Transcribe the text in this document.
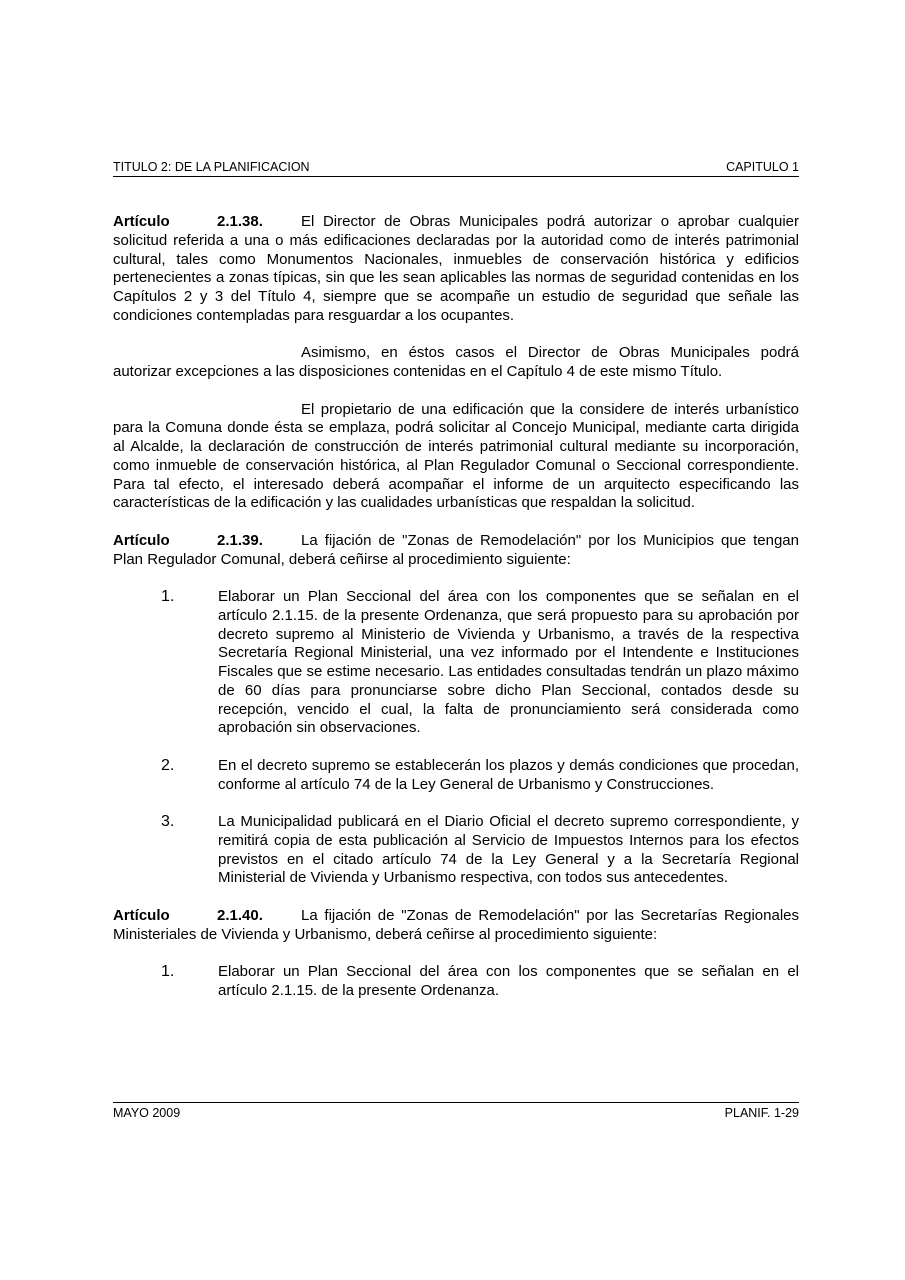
TITULO 2: DE LA PLANIFICACION	CAPITULO 1

Artículo	2.1.38.	El Director de Obras Municipales podrá autorizar o aprobar cualquier solicitud referida a una o más edificaciones declaradas por la autoridad como de interés patrimonial cultural, tales como Monumentos Nacionales, inmuebles de conservación histórica y edificios pertenecientes a zonas típicas, sin que les sean aplicables las normas de seguridad contenidas en los Capítulos 2 y 3 del Título 4, siempre que se acompañe un estudio de seguridad que señale las condiciones contempladas para resguardar a los ocupantes.

Asimismo, en éstos casos el Director de Obras Municipales podrá autorizar excepciones a las disposiciones contenidas en el Capítulo 4 de este mismo Título.

El propietario de una edificación que la considere de interés urbanístico para la Comuna donde ésta se emplaza, podrá solicitar al Concejo Municipal, mediante carta dirigida al Alcalde, la declaración de construcción de interés patrimonial cultural mediante su incorporación, como inmueble de conservación histórica, al Plan Regulador Comunal o Seccional correspondiente. Para tal efecto, el interesado deberá acompañar el informe de un arquitecto especificando las características de la edificación y las cualidades urbanísticas que respaldan la solicitud.

Artículo	2.1.39.	La fijación de "Zonas de Remodelación" por los Municipios que tengan Plan Regulador Comunal, deberá ceñirse al procedimiento siguiente:

1.	Elaborar un Plan Seccional del área con los componentes que se señalan en el artículo 2.1.15. de la presente Ordenanza, que será propuesto para su aprobación por decreto supremo al Ministerio de Vivienda y Urbanismo, a través de la respectiva Secretaría Regional Ministerial, una vez informado por el Intendente e Instituciones Fiscales que se estime necesario. Las entidades consultadas tendrán un plazo máximo de 60 días para pronunciarse sobre dicho Plan Seccional, contados desde su recepción, vencido el cual, la falta de pronunciamiento será considerada como aprobación sin observaciones.

2.	En el decreto supremo se establecerán los plazos y demás condiciones que procedan, conforme al artículo 74 de la Ley General de Urbanismo y Construcciones.

3.	La Municipalidad publicará en el Diario Oficial el decreto supremo correspondiente, y remitirá copia de esta publicación al Servicio de Impuestos Internos para los efectos previstos en el citado artículo 74 de la Ley General y a la Secretaría Regional Ministerial de Vivienda y Urbanismo respectiva, con todos sus antecedentes.

Artículo	2.1.40.	La fijación de "Zonas de Remodelación" por las Secretarías Regionales Ministeriales de Vivienda y Urbanismo, deberá ceñirse al procedimiento siguiente:

1.	Elaborar un Plan Seccional del área con los componentes que se señalan en el artículo 2.1.15. de la presente Ordenanza.

MAYO 2009	PLANIF. 1-29
